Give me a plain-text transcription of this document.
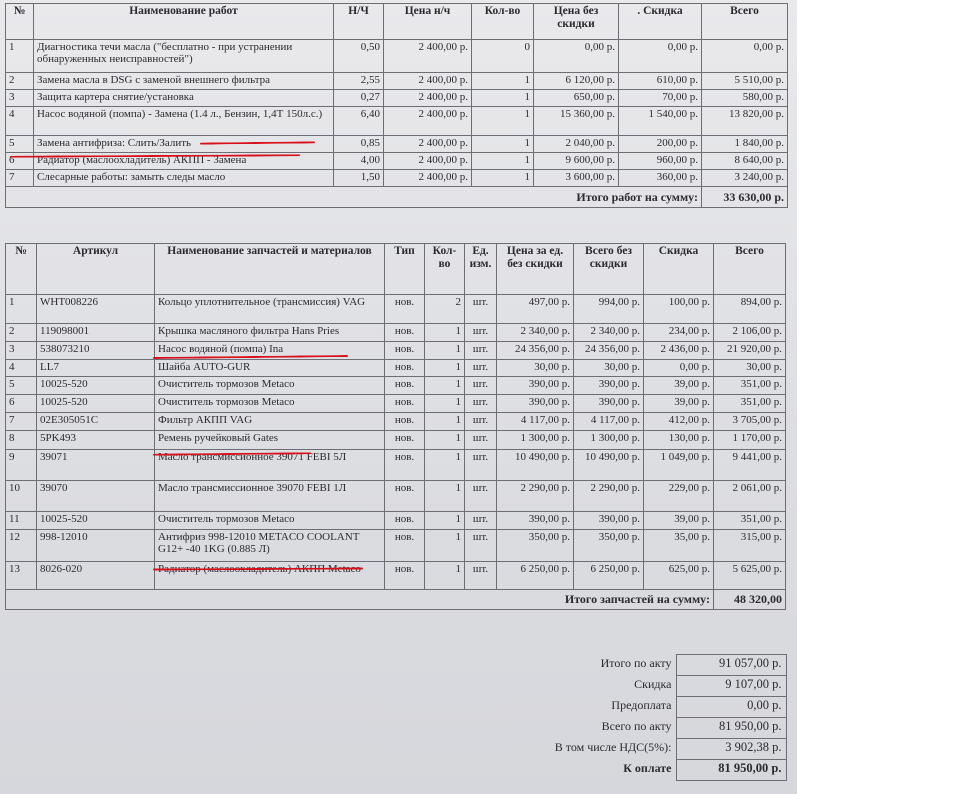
№	Наименование работ	Н/Ч	Цена н/ч	Кол-во	Цена без скидки	. Скидка	Всего
1	Диагностика течи масла ("бесплатно - при устранении обнаруженных неисправностей")	0,50	2 400,00 р.	0	0,00 р.	0,00 р.	0,00 р.
2	Замена масла в DSG с заменой внешнего фильтра	2,55	2 400,00 р.	1	6 120,00 р.	610,00 р.	5 510,00 р.
3	Защита картера снятие/установка	0,27	2 400,00 р.	1	650,00 р.	70,00 р.	580,00 р.
4	Насос водяной (помпа) - Замена (1.4 л., Бензин, 1,4Т 150л.с.)	6,40	2 400,00 р.	1	15 360,00 р.	1 540,00 р.	13 820,00 р.
5	Замена антифриза: Слить/Залить	0,85	2 400,00 р.	1	2 040,00 р.	200,00 р.	1 840,00 р.
6	Радиатор (маслоохладитель) АКПП - Замена	4,00	2 400,00 р.	1	9 600,00 р.	960,00 р.	8 640,00 р.
7	Слесарные работы: замыть следы масло	1,50	2 400,00 р.	1	3 600,00 р.	360,00 р.	3 240,00 р.
Итого работ на сумму:							33 630,00 р.
№	Артикул	Наименование запчастей и материалов	Тип	Кол-во	Ед. изм.	Цена за ед. без скидки	Всего без скидки	Скидка	Всего
1	WHT008226	Кольцо уплотнительное (трансмиссия) VAG	нов.	2	шт.	497,00 р.	994,00 р.	100,00 р.	894,00 р.
2	119098001	Крышка масляного фильтра Hans Pries	нов.	1	шт.	2 340,00 р.	2 340,00 р.	234,00 р.	2 106,00 р.
3	538073210	Насос водяной (помпа) Ina	нов.	1	шт.	24 356,00 р.	24 356,00 р.	2 436,00 р.	21 920,00 р.
4	LL7	Шайба AUTO-GUR	нов.	1	шт.	30,00 р.	30,00 р.	0,00 р.	30,00 р.
5	10025-520	Очиститель тормозов Metaco	нов.	1	шт.	390,00 р.	390,00 р.	39,00 р.	351,00 р.
6	10025-520	Очиститель тормозов Metaco	нов.	1	шт.	390,00 р.	390,00 р.	39,00 р.	351,00 р.
7	02E305051C	Фильтр АКПП VAG	нов.	1	шт.	4 117,00 р.	4 117,00 р.	412,00 р.	3 705,00 р.
8	5PK493	Ремень ручейковый Gates	нов.	1	шт.	1 300,00 р.	1 300,00 р.	130,00 р.	1 170,00 р.
9	39071	Масло трансмиссионное 39071 FEBI 5Л	нов.	1	шт.	10 490,00 р.	10 490,00 р.	1 049,00 р.	9 441,00 р.
10	39070	Масло трансмиссионное 39070 FEBI 1Л	нов.	1	шт.	2 290,00 р.	2 290,00 р.	229,00 р.	2 061,00 р.
11	10025-520	Очиститель тормозов Metaco	нов.	1	шт.	390,00 р.	390,00 р.	39,00 р.	351,00 р.
12	998-12010	Антифриз 998-12010 METACO COOLANT G12+ -40 1KG (0.885 Л)	нов.	1	шт.	350,00 р.	350,00 р.	35,00 р.	315,00 р.
13	8026-020	Радиатор (маслоохладитель) АКПП Metaco	нов.	1	шт.	6 250,00 р.	6 250,00 р.	625,00 р.	5 625,00 р.
Итого запчастей на сумму:									48 320,00
Итого по акту	91 057,00 р.
Скидка	9 107,00 р.
Предоплата	0,00 р.
Всего по акту	81 950,00 р.
В том числе НДС(5%):	3 902,38 р.
К оплате	81 950,00 р.
